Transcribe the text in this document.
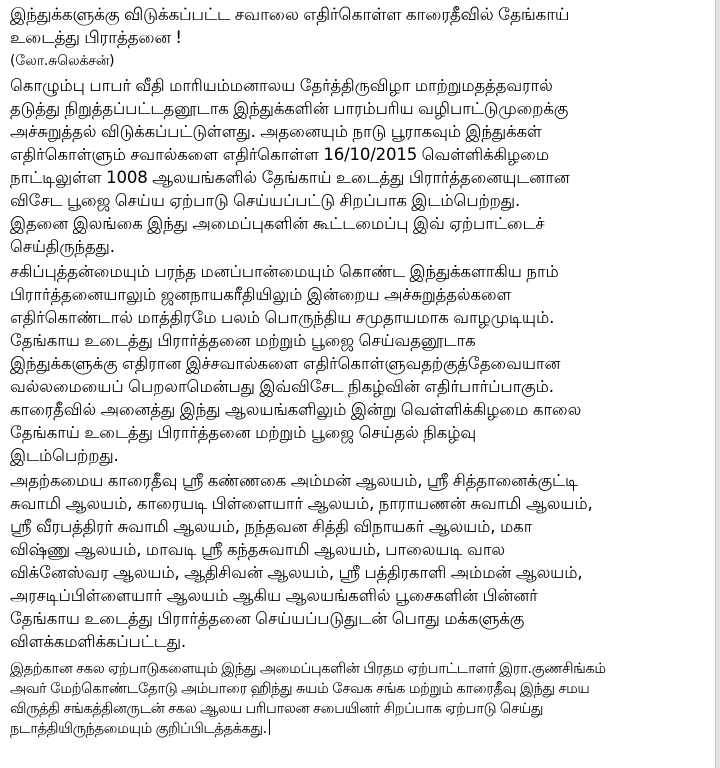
இந்துக்களுக்கு விடுக்கப்பட்ட சவாலை எதிர்கொள்ள காரைதீவில் தேங்காய்
உடைத்து பிராத்தனை !

(லோ.சுலெக்சன்)

கொழும்பு பாபர் வீதி மாரியம்மனாலய தேர்த்திருவிழா மாற்றுமதத்தவரால்
தடுத்து நிறுத்தப்பட்டதனூடாக இந்துக்களின் பாரம்பரிய வழிபாட்டுமுறைக்கு
அச்சுறுத்தல் விடுக்கப்பட்டுள்ளது. அதனையும் நாடு பூராகவும் இந்துக்கள்
எதிர்கொள்ளும் சவால்களை எதிர்கொள்ள 16/10/2015 வெள்ளிக்கிழமை
நாட்டிலுள்ள 1008 ஆலயங்களில் தேங்காய் உடைத்து பிரார்த்தனையுடனான
விசேட பூஜை செய்ய ஏற்பாடு செய்யப்பட்டு சிறப்பாக இடம்பெற்றது.
இதனை இலங்கை இந்து அமைப்புகளின் கூட்டமைப்பு இவ் ஏற்பாட்டைச்
செய்திருந்தது.

சகிப்புத்தன்மையும் பரந்த மனப்பான்மையும் கொண்ட இந்துக்களாகிய நாம்
பிரார்த்தனையாலும் ஜனநாயகரீதியிலும் இன்றைய அச்சுறுத்தல்களை
எதிர்கொண்டால் மாத்திரமே பலம் பொருந்திய சமுதாயமாக வாழமுடியும்.
தேங்காய உடைத்து பிரார்த்தனை மற்றும் பூஜை செய்வதனூடாக
இந்துக்களுக்கு எதிரான இச்சவால்களை எதிர்கொள்ளுவதற்குத்தேவையான
வல்லமையைப் பெறலாமென்பது இவ்விசேட நிகழ்வின் எதிர்பார்ப்பாகும்.
காரைதீவில் அனைத்து இந்து ஆலயங்களிலும் இன்று வெள்ளிக்கிழமை காலை
தேங்காய் உடைத்து பிரார்த்தனை மற்றும் பூஜை செய்தல் நிகழ்வு
இடம்பெற்றது.

அதற்கமைய காரைதீவு ஸ்ரீ கண்ணகை அம்மன் ஆலயம், ஸ்ரீ சித்தானைக்குட்டி
சுவாமி ஆலயம், காரையடி பிள்ளையார் ஆலயம், நாராயணன் சுவாமி ஆலயம்,
ஸ்ரீ வீரபத்திரர் சுவாமி ஆலயம், நந்தவன சித்தி விநாயகர் ஆலயம், மகா
விஷ்ணு ஆலயம், மாவடி ஸ்ரீ கந்தசுவாமி ஆலயம், பாலையடி வால
விக்னேஸ்வர ஆலயம், ஆதிசிவன் ஆலயம், ஸ்ரீ பத்திரகாளி அம்மன் ஆலயம்,
அரசடிப்பிள்ளையார் ஆலயம் ஆகிய ஆலயங்களில் பூசைகளின் பின்னர்
தேங்காய உடைத்து பிரார்த்தனை செய்யப்படுதுடன் பொது மக்களுக்கு
விளக்கமளிக்கப்பட்டது.

இதற்கான சகல ஏற்பாடுகளையும் இந்து அமைப்புகளின் பிரதம ஏற்பாட்டாளர் இரா.குணசிங்கம்
அவர் மேற்கொண்டதோடு அம்பாரை ஹிந்து சுயம் சேவக சங்க மற்றும் காரைதீவு இந்து சமய
விருத்தி சங்கத்தினருடன் சகல ஆலய பரிபாலன சபையினர் சிறப்பாக ஏற்பாடு செய்து
நடாத்தியிருந்தமையும் குறிப்பிடத்தக்கது.
